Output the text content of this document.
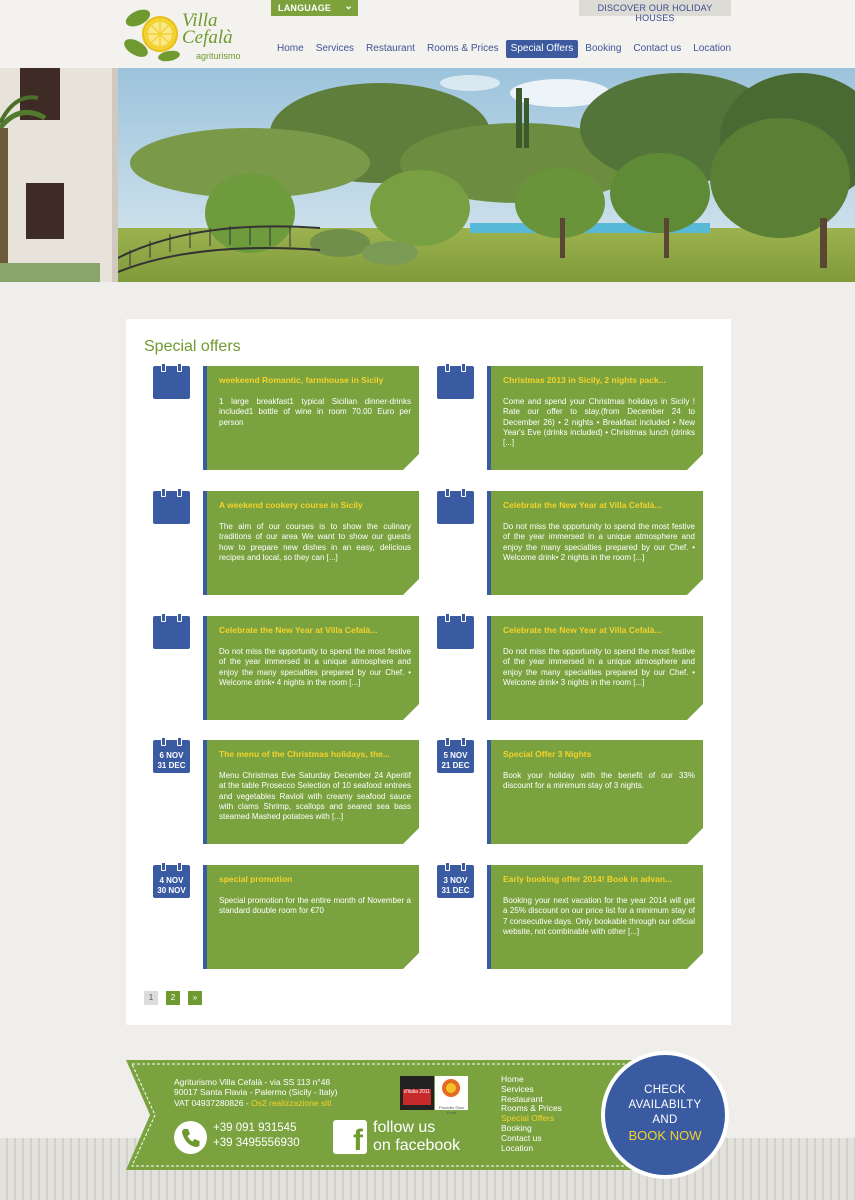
Villa Cefalà
agriturismo
LANGUAGE ⌄	DISCOVER OUR HOLIDAY HOUSES
Home	Services	Restaurant	Rooms & Prices	Special Offers	Booking	Contact us	Location
Special offers
weekeend Romantic, farmhouse in Sicily
1 large breakfast1 typical Sicilian dinner-drinks included1 bottle of wine in room 70.00 Euro per person
Christmas 2013 in Sicily, 2 nights pack...
Come and spend your Christmas holidays in Sicily ! Rate our offer to stay.(from December 24 to December 26) • 2 nights • Breakfast included • New Year's Eve (drinks included) • Christmas lunch (drinks [...]
A weekend cookery course in Sicily
The aim of our courses is to show the culinary traditions of our area We want to show our guests how to prepare new dishes in an easy, delicious recipes and local, so they can [...]
Celebrate the New Year at Villa Cefalà...
Do not miss the opportunity to spend the most festive of the year immersed in a unique atmosphere and enjoy the many specialties prepared by our Chef. • Welcome drink• 2 nights in the room [...]
Celebrate the New Year at Villa Cefalà...
Do not miss the opportunity to spend the most festive of the year immersed in a unique atmosphere and enjoy the many specialties prepared by our Chef. • Welcome drink• 4 nights in the room [...]
Celebrate the New Year at Villa Cefalà...
Do not miss the opportunity to spend the most festive of the year immersed in a unique atmosphere and enjoy the many specialties prepared by our Chef. • Welcome drink• 3 nights in the room [...]
6 NOV
31 DEC
The menu of the Christmas holidays, the...
Menu Christmas Eve Saturday December 24 Aperitif at the table Prosecco Selection of 10 seafood entrees and vegetables Ravioli with creamy seafood sauce with clams Shrimp, scallops and seared sea bass steamed Mashed potatoes with [...]
5 NOV
21 DEC
Special Offer 3 Nights
Book your holiday with the benefit of our 33% discount for a minimum stay of 3 nights.
4 NOV
30 NOV
special promotion
Special promotion for the entire month of November a standard double room for €70
3 NOV
31 DEC
Early booking offer 2014! Book in advan...
Booking your next vacation for the year 2014 will get a 25% discount on our price list for a minimum stay of 7 consecutive days. Only bookable through our official website, not combinable with other [...]
1	2	»
Agriturismo Villa Cefalà - via SS 113 n°48
90017 Santa Flavia - Palermo (Sicily - Italy)
VAT 04937280826 - Os2 realizzazione siti
+39 091 931545
+39 3495556930
d'italia 2011
Prodotto Slow Food
f follow us
on facebook
Home
Services
Restaurant
Rooms & Prices
Special Offers
Booking
Contact us
Location
CHECK
AVAILABILTY
AND
BOOK NOW
